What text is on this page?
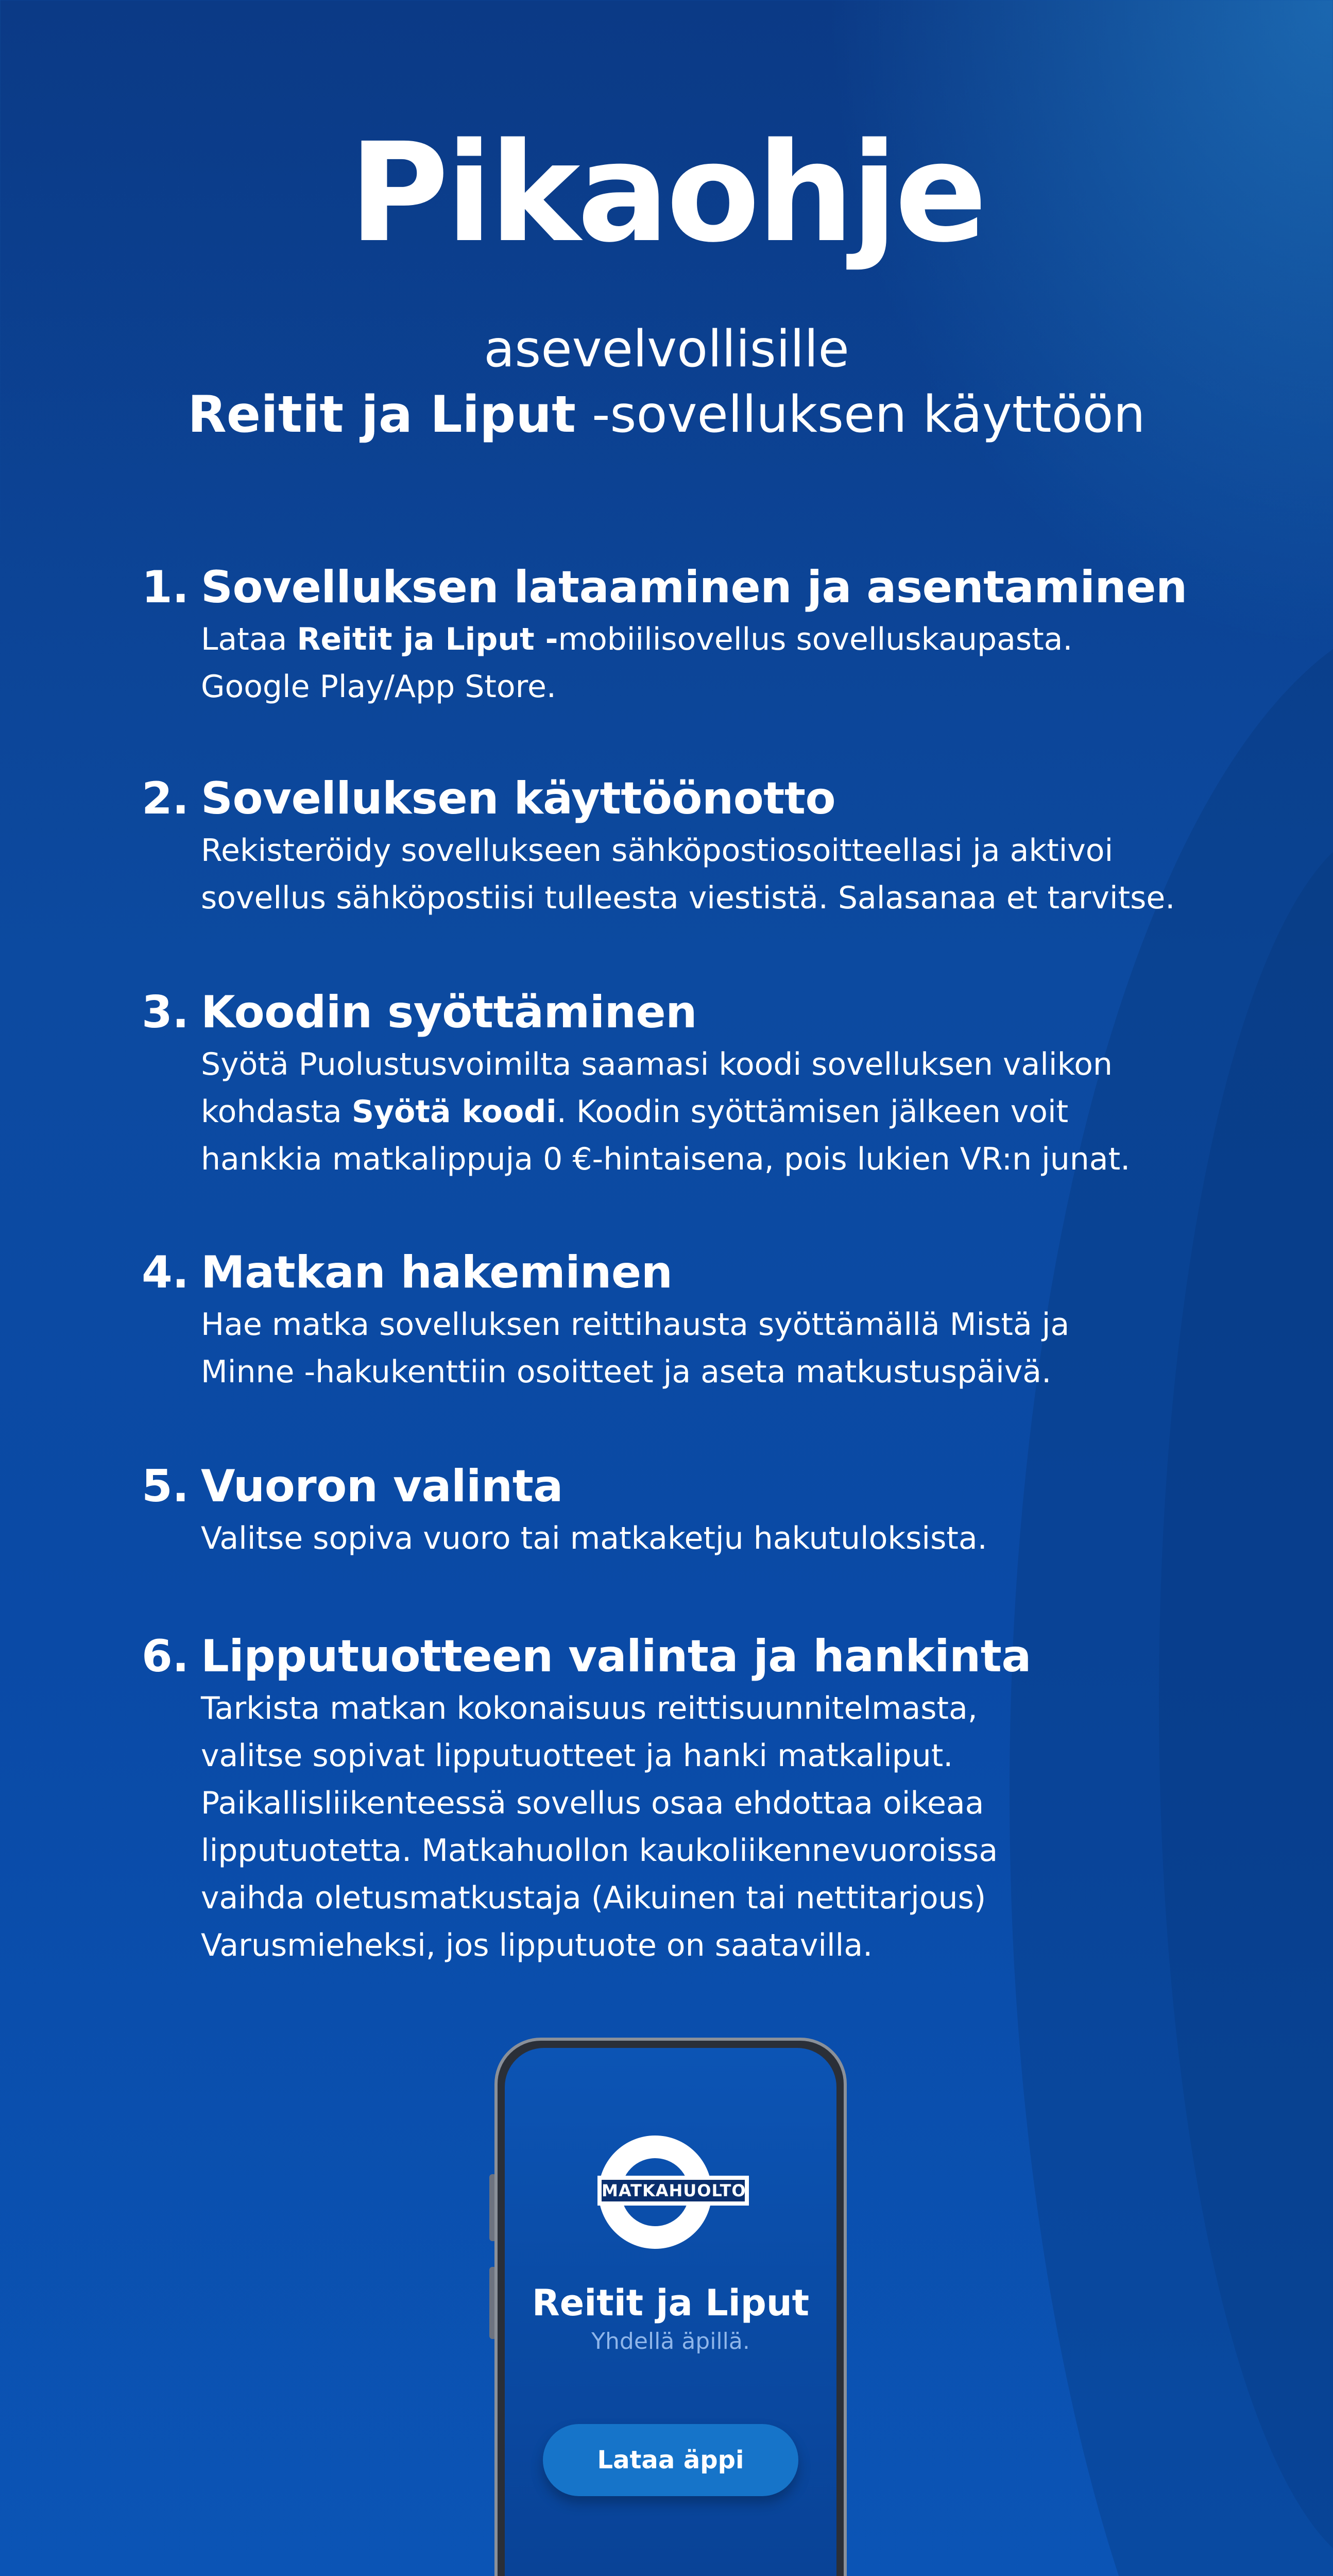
Pikaohje
asevelvollisille
Reitit ja Liput -sovelluksen käyttöön
1. Sovelluksen lataaminen ja asentaminen
Lataa Reitit ja Liput -mobiilisovellus sovelluskaupasta.
Google Play/App Store.
2. Sovelluksen käyttöönotto
Rekisteröidy sovellukseen sähköpostiosoitteellasi ja aktivoi
sovellus sähköpostiisi tulleesta viestistä. Salasanaa et tarvitse.
3. Koodin syöttäminen
Syötä Puolustusvoimilta saamasi koodi sovelluksen valikon
kohdasta Syötä koodi. Koodin syöttämisen jälkeen voit
hankkia matkalippuja 0 €-hintaisena, pois lukien VR:n junat.
4. Matkan hakeminen
Hae matka sovelluksen reittihausta syöttämällä Mistä ja
Minne -hakukenttiin osoitteet ja aseta matkustuspäivä.
5. Vuoron valinta
Valitse sopiva vuoro tai matkaketju hakutuloksista.
6. Lipputuotteen valinta ja hankinta
Tarkista matkan kokonaisuus reittisuunnitelmasta,
valitse sopivat lipputuotteet ja hanki matkaliput.
Paikallisliikenteessä sovellus osaa ehdottaa oikeaa
lipputuotetta. Matkahuollon kaukoliikennevuoroissa
vaihda oletusmatkustaja (Aikuinen tai nettitarjous)
Varusmieheksi, jos lipputuote on saatavilla.
MATKAHUOLTO
Reitit ja Liput
Yhdellä äpillä.
Lataa äppi
